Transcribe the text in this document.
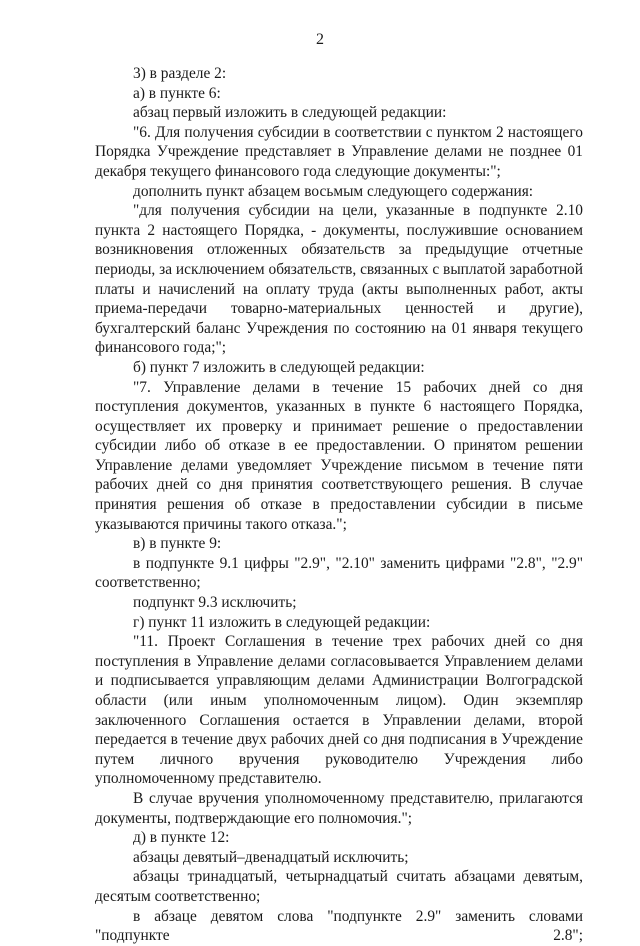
2

3) в разделе 2:

а) в пункте 6:

абзац первый изложить в следующей редакции:

"6. Для получения субсидии в соответствии с пунктом 2 настоящего Порядка Учреждение представляет в Управление делами не позднее 01 декабря текущего финансового года следующие документы:";

дополнить пункт абзацем восьмым следующего содержания:

"для получения субсидии на цели, указанные в подпункте 2.10 пункта 2 настоящего Порядка, - документы, послужившие основанием возникновения отложенных обязательств за предыдущие отчетные периоды, за исключением обязательств, связанных с выплатой заработной платы и начислений на оплату труда (акты выполненных работ, акты приема-передачи товарно-материальных ценностей и другие), бухгалтерский баланс Учреждения по состоянию на 01 января текущего финансового года;";

б) пункт 7 изложить в следующей редакции:

"7. Управление делами в течение 15 рабочих дней со дня поступления документов, указанных в пункте 6 настоящего Порядка, осуществляет их проверку и принимает решение о предоставлении субсидии либо об отказе в ее предоставлении. О принятом решении Управление делами уведомляет Учреждение письмом в течение пяти рабочих дней со дня принятия соответствующего решения. В случае принятия решения об отказе в предоставлении субсидии в письме указываются причины такого отказа.";

в) в пункте 9:

в подпункте 9.1 цифры "2.9", "2.10" заменить цифрами "2.8", "2.9" соответственно;

подпункт 9.3 исключить;

г) пункт 11 изложить в следующей редакции:

"11. Проект Соглашения в течение трех рабочих дней со дня поступления в Управление делами согласовывается Управлением делами и подписывается управляющим делами Администрации Волгоградской области (или иным уполномоченным лицом). Один экземпляр заключенного Соглашения остается в Управлении делами, второй передается в течение двух рабочих дней со дня подписания в Учреждение путем личного вручения руководителю Учреждения либо уполномоченному представителю.

В случае вручения уполномоченному представителю, прилагаются документы, подтверждающие его полномочия.";

д) в пункте 12:

абзацы девятый–двенадцатый исключить;

абзацы тринадцатый, четырнадцатый считать абзацами девятым, десятым соответственно;

в абзаце девятом слова "подпункте 2.9" заменить словами "подпункте 2.8";
